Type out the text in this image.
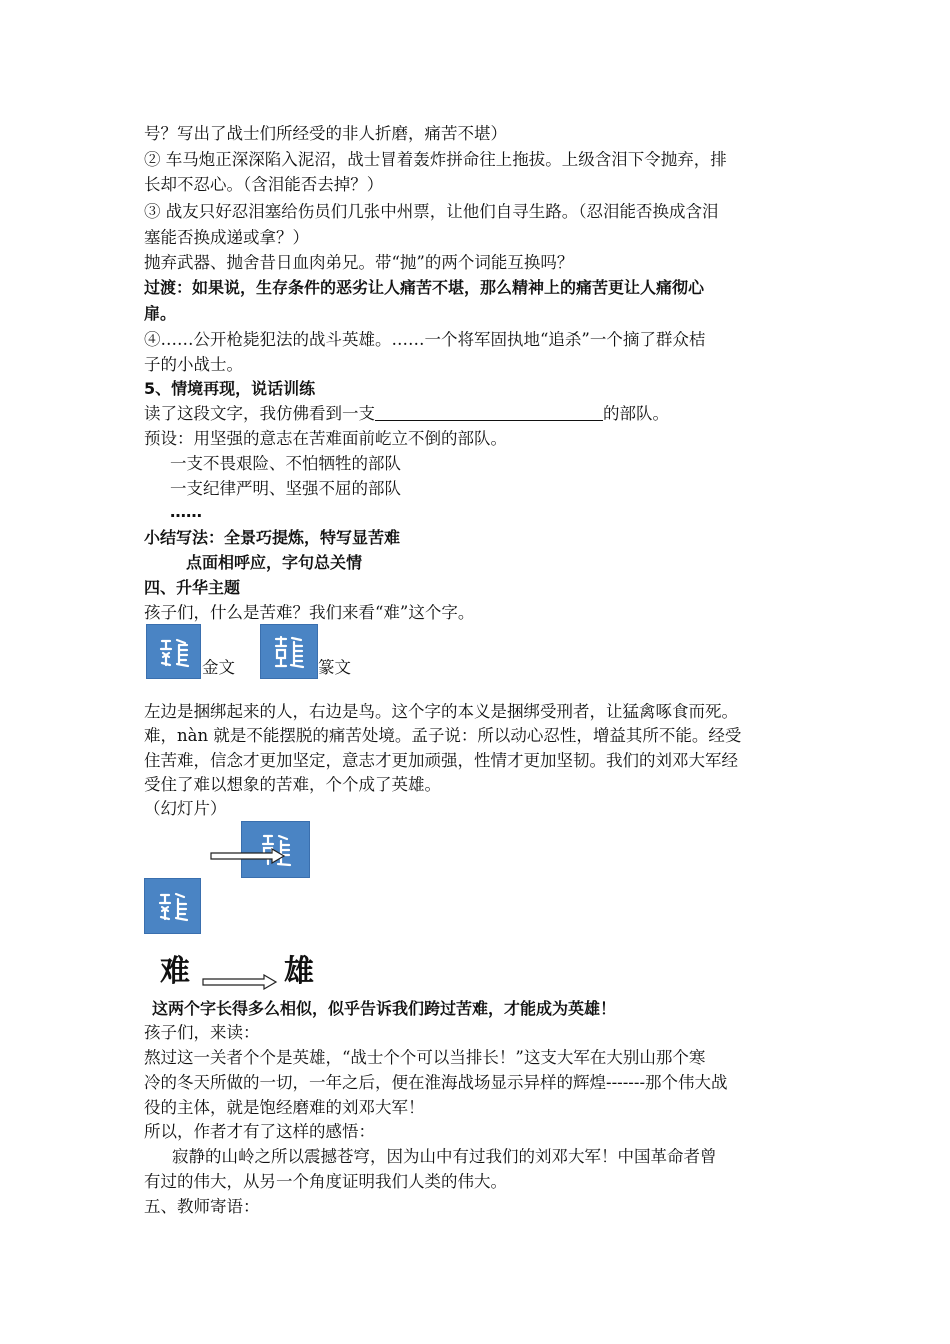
号？写出了战士们所经受的非人折磨，痛苦不堪）
② 车马炮正深深陷入泥沼，战士冒着轰炸拼命往上拖拔。上级含泪下令抛弃，排
长却不忍心。（含泪能否去掉？）
③ 战友只好忍泪塞给伤员们几张中州票，让他们自寻生路。（忍泪能否换成含泪
塞能否换成递或拿？）
抛弃武器、抛舍昔日血肉弟兄。带“抛”的两个词能互换吗？
过渡：如果说，生存条件的恶劣让人痛苦不堪，那么精神上的痛苦更让人痛彻心
扉。
④……公开枪毙犯法的战斗英雄。……一个将军固执地“追杀”一个摘了群众桔
子的小战士。
5、情境再现，说话训练
读了这段文字，我仿佛看到一支	的部队。
预设：用坚强的意志在苦难面前屹立不倒的部队。
一支不畏艰险、不怕牺牲的部队
一支纪律严明、坚强不屈的部队
……
小结写法：全景巧提炼，特写显苦难
点面相呼应，字句总关情
四、升华主题
孩子们，什么是苦难？我们来看“难”这个字。
金文	篆文
左边是捆绑起来的人，右边是鸟。这个字的本义是捆绑受刑者，让猛禽啄食而死。
难，nàn 就是不能摆脱的痛苦处境。孟子说：所以动心忍性，增益其所不能。经受
住苦难，信念才更加坚定，意志才更加顽强，性情才更加坚韧。我们的刘邓大军经
受住了难以想象的苦难，个个成了英雄。
（幻灯片）
难	雄
这两个字长得多么相似，似乎告诉我们跨过苦难，才能成为英雄！
孩子们，来读：
熬过这一关者个个是英雄，“战士个个可以当排长！”这支大军在大别山那个寒
冷的冬天所做的一切，一年之后，便在淮海战场显示异样的辉煌-------那个伟大战
役的主体，就是饱经磨难的刘邓大军！
所以，作者才有了这样的感悟：
寂静的山岭之所以震撼苍穹，因为山中有过我们的刘邓大军！中国革命者曾
有过的伟大，从另一个角度证明我们人类的伟大。
五、教师寄语：
